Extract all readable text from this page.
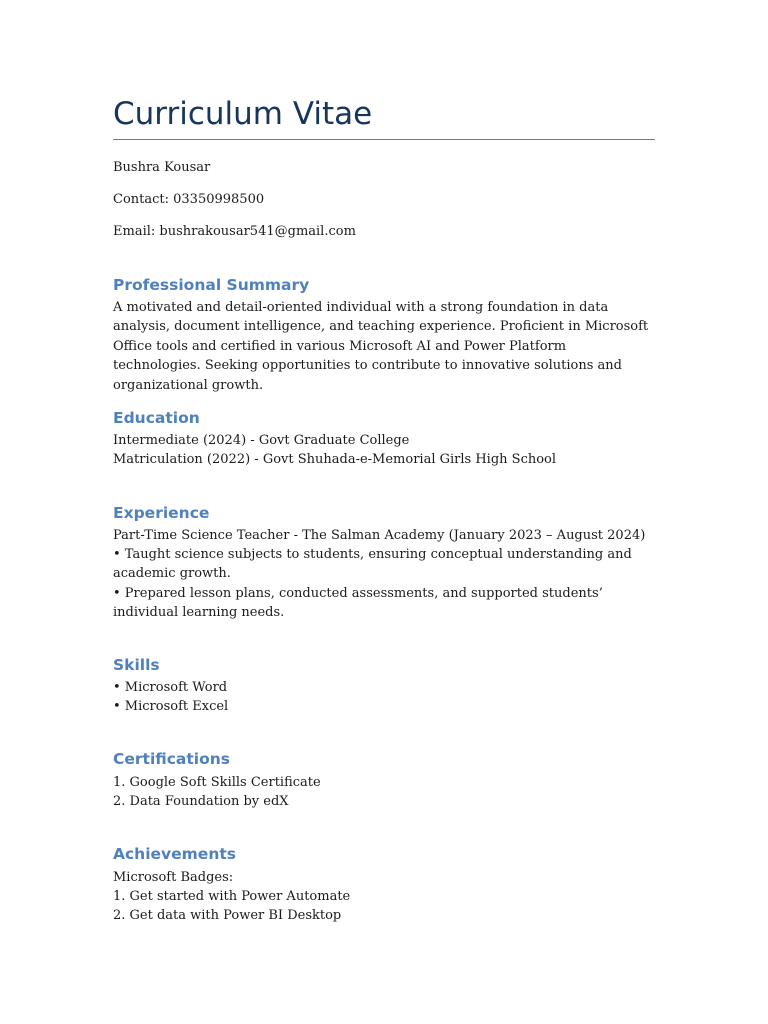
Curriculum Vitae

Bushra Kousar

Contact: 03350998500

Email: bushrakousar541@gmail.com

Professional Summary

A motivated and detail-oriented individual with a strong foundation in data analysis, document intelligence, and teaching experience. Proficient in Microsoft Office tools and certified in various Microsoft AI and Power Platform technologies. Seeking opportunities to contribute to innovative solutions and organizational growth.

Education
Intermediate (2024) - Govt Graduate College
Matriculation (2022) - Govt Shuhada-e-Memorial Girls High School
Experience
Part-Time Science Teacher - The Salman Academy (January 2023 – August 2024)
• Taught science subjects to students, ensuring conceptual understanding and academic growth.
• Prepared lesson plans, conducted assessments, and supported students’ individual learning needs.
Skills
• Microsoft Word
• Microsoft Excel
Certifications
1. Google Soft Skills Certificate
2. Data Foundation by edX
Achievements
Microsoft Badges:
1. Get started with Power Automate
2. Get data with Power BI Desktop
